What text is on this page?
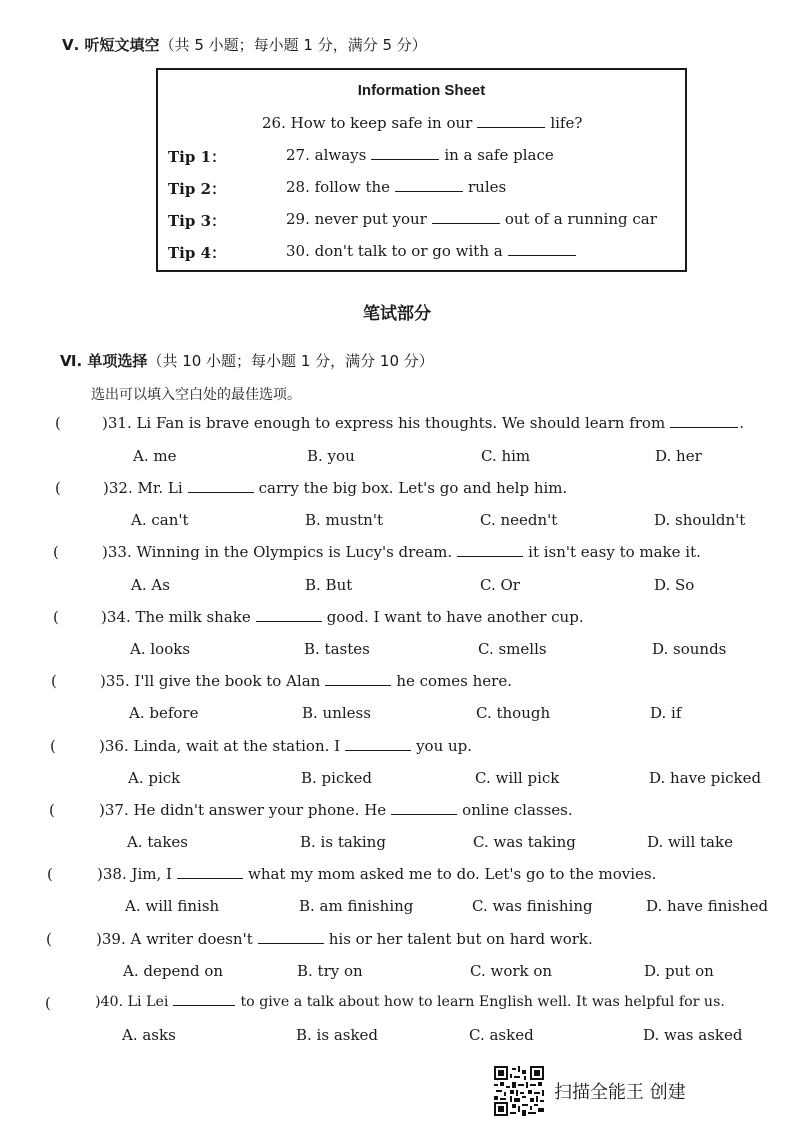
Ⅴ. 听短文填空（共 5 小题；每小题 1 分，满分 5 分）
Information Sheet
26. How to keep safe in our	life?
Tip 1：	27. always	in a safe place
Tip 2：	28. follow the	rules
Tip 3：	29. never put your	out of a running car
Tip 4：	30. don't talk to or go with a
笔试部分
Ⅵ. 单项选择（共 10 小题；每小题 1 分，满分 10 分）
选出可以填入空白处的最佳选项。
(	)31. Li Fan is brave enough to express his thoughts. We should learn from	.
A. me	B. you	C. him	D. her
(	)32. Mr. Li	carry the big box. Let's go and help him.
A. can't	B. mustn't	C. needn't	D. shouldn't
(	)33. Winning in the Olympics is Lucy's dream.	it isn't easy to make it.
A. As	B. But	C. Or	D. So
(	)34. The milk shake	good. I want to have another cup.
A. looks	B. tastes	C. smells	D. sounds
(	)35. I'll give the book to Alan	he comes here.
A. before	B. unless	C. though	D. if
(	)36. Linda, wait at the station. I	you up.
A. pick	B. picked	C. will pick	D. have picked
(	)37. He didn't answer your phone. He	online classes.
A. takes	B. is taking	C. was taking	D. will take
(	)38. Jim, I	what my mom asked me to do. Let's go to the movies.
A. will finish	B. am finishing	C. was finishing	D. have finished
(	)39. A writer doesn't	his or her talent but on hard work.
A. depend on	B. try on	C. work on	D. put on
(	)40. Li Lei	to give a talk about how to learn English well. It was helpful for us.
A. asks	B. is asked	C. asked	D. was asked
扫描全能王 创建
